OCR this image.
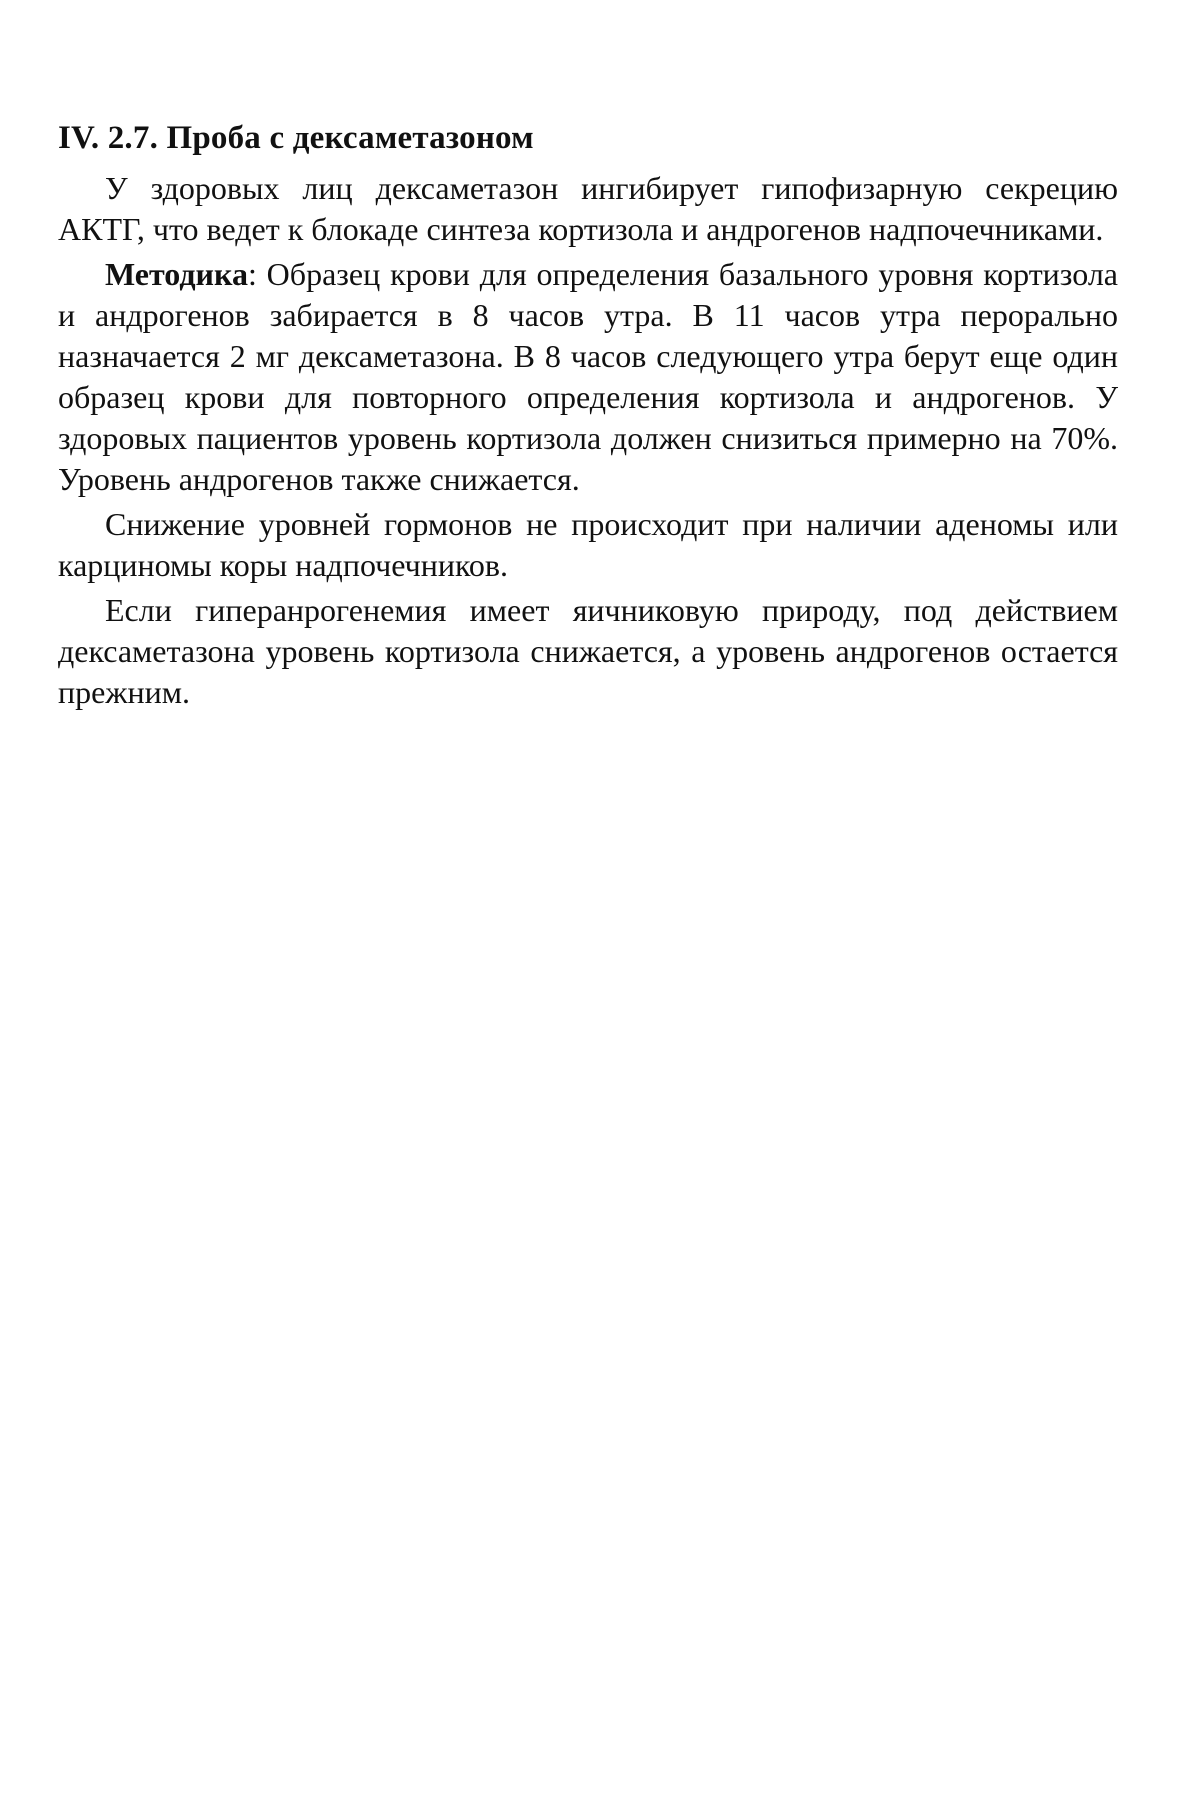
IV. 2.7. Проба с дексаметазоном

У здоровых лиц дексаметазон ингибирует гипофизарную секрецию АКТГ, что ведет к блокаде синтеза кортизола и андрогенов надпочечниками.

Методика: Образец крови для определения базального уровня кортизола и андрогенов забирается в 8 часов утра. В 11 часов утра перорально назначается 2 мг дексаметазона. В 8 часов следующего утра берут еще один образец крови для повторного определения кортизола и андрогенов. У здоровых пациентов уровень кортизола должен снизиться примерно на 70%. Уровень андрогенов также снижается.

Снижение уровней гормонов не происходит при наличии аденомы или карциномы коры надпочечников.

Если гиперанрогенемия имеет яичниковую природу, под действием дексаметазона уровень кортизола снижается, а уровень андрогенов остается прежним.
